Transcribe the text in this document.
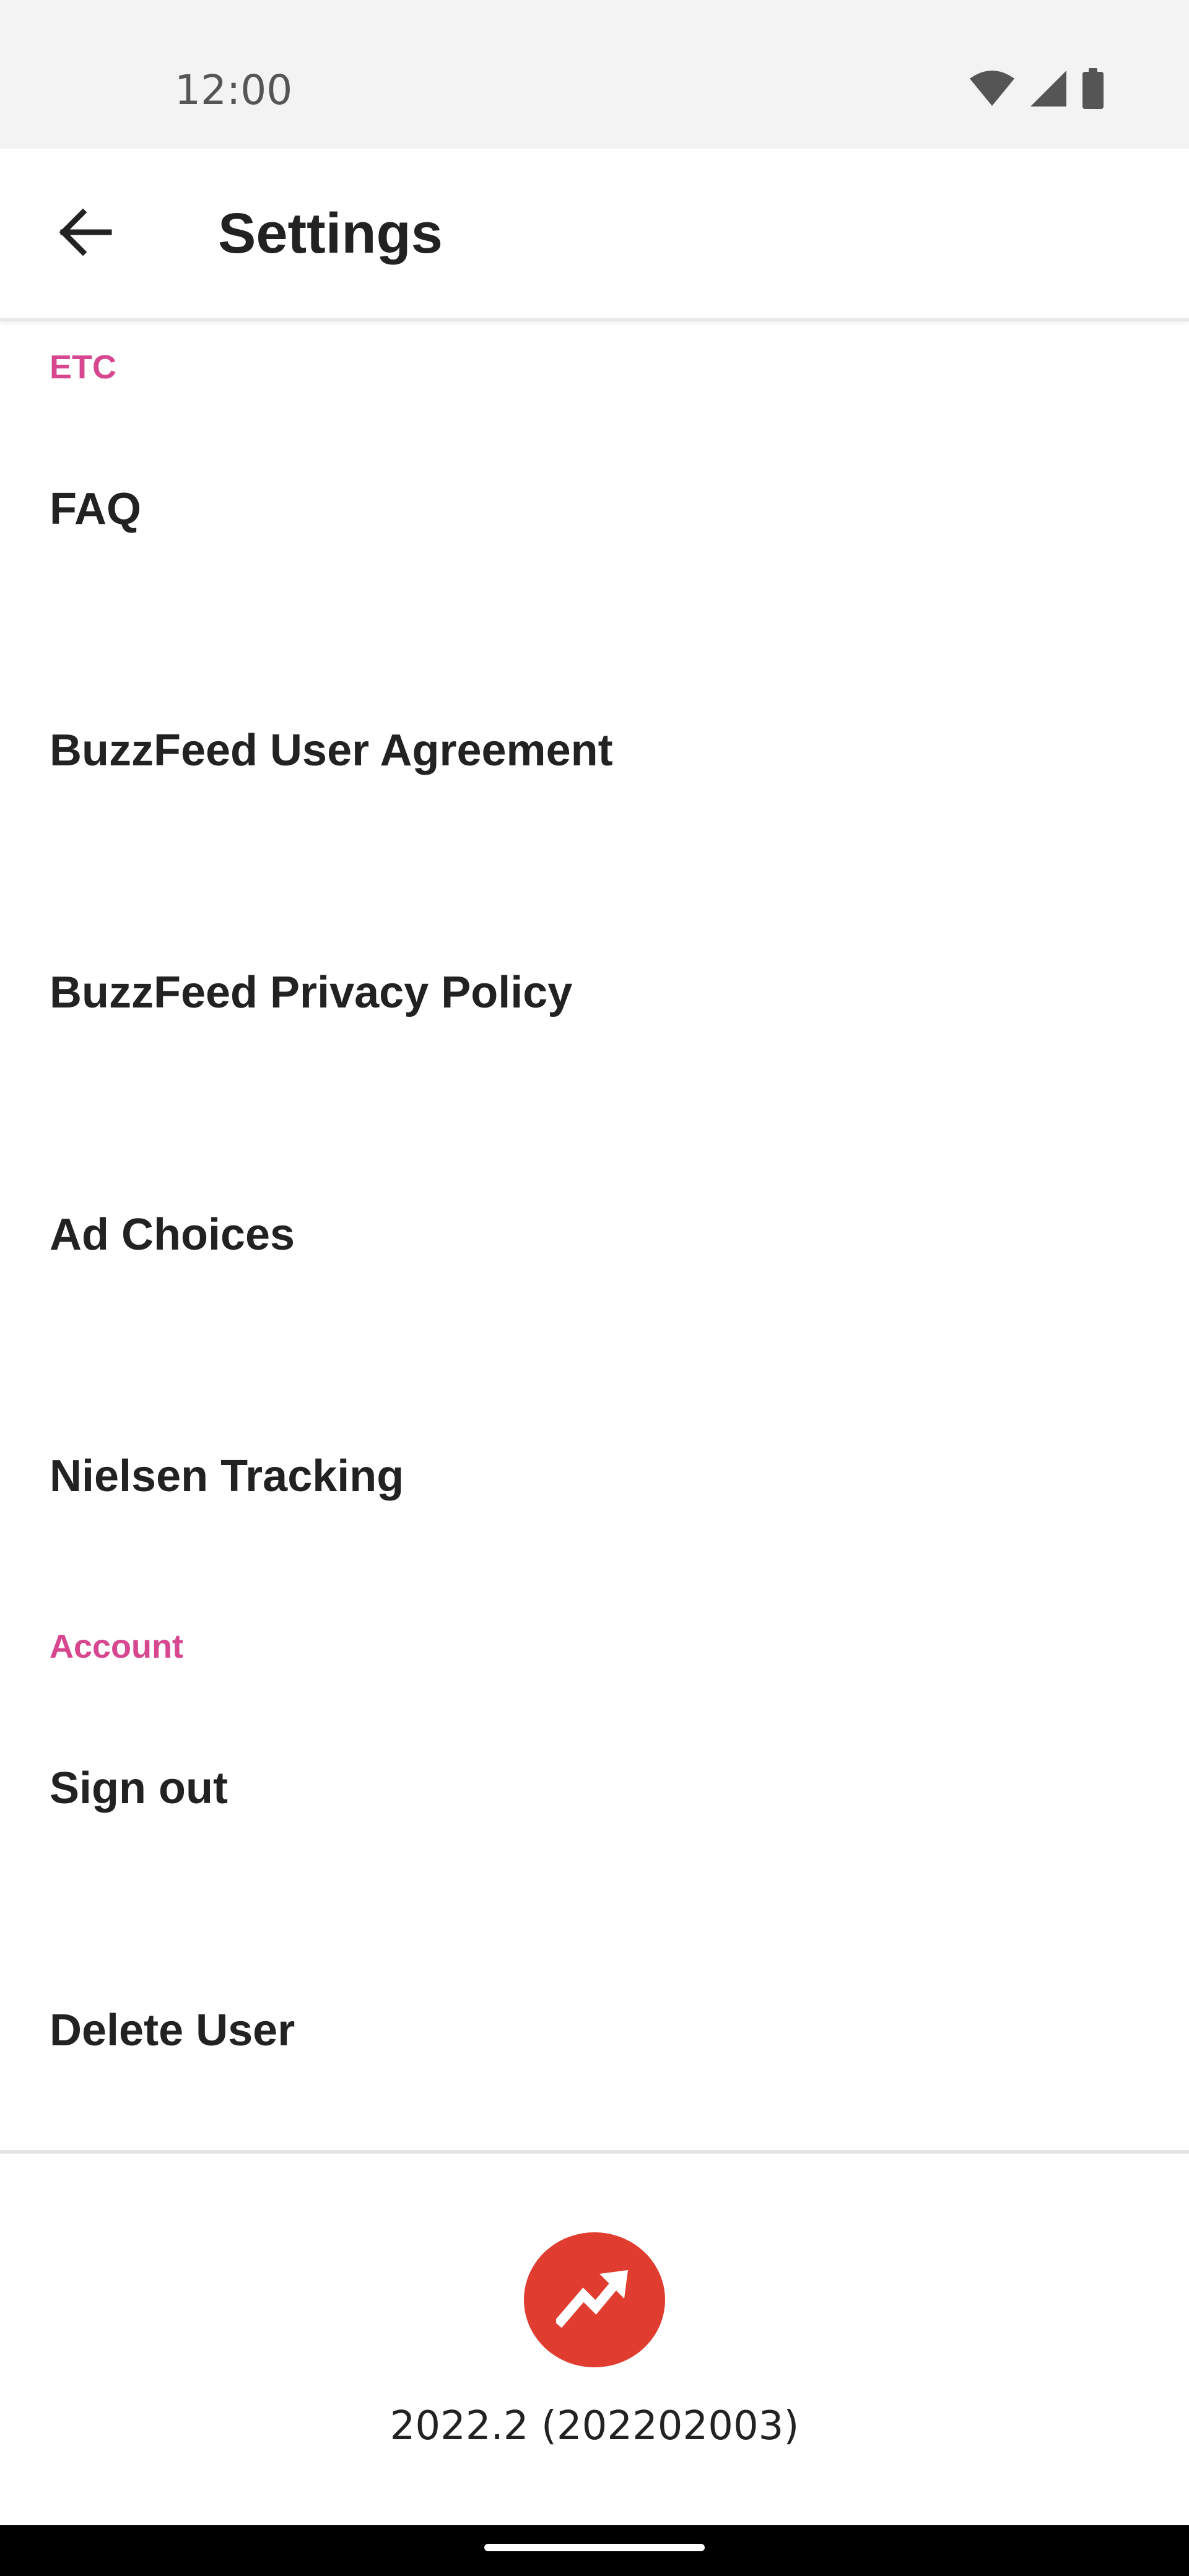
12:00
Settings
ETC
FAQ
BuzzFeed User Agreement
BuzzFeed Privacy Policy
Ad Choices
Nielsen Tracking
Account
Sign out
Delete User
2022.2 (202202003)
